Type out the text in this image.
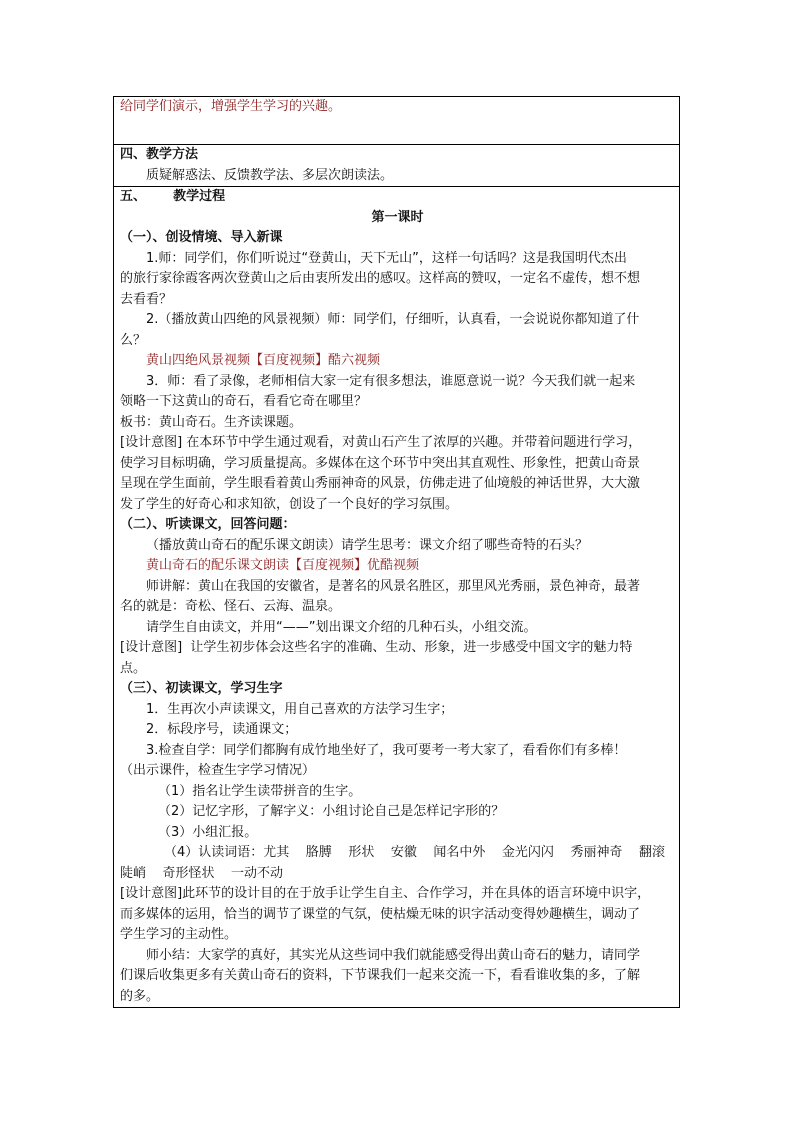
给同学们演示，增强学生学习的兴趣。
四、教学方法
质疑解惑法、反馈教学法、多层次朗读法。
五、      教学过程
第一课时
（一）、创设情境、导入新课
1.师：同学们，你们听说过“登黄山，天下无山”，这样一句话吗？这是我国明代杰出
的旅行家徐霞客两次登黄山之后由衷所发出的感叹。这样高的赞叹，一定名不虚传，想不想
去看看？
2.（播放黄山四绝的风景视频）师：同学们，仔细听，认真看，一会说说你都知道了什
么？
黄山四绝风景视频【百度视频】酷六视频
3．师：看了录像，老师相信大家一定有很多想法，谁愿意说一说？今天我们就一起来
领略一下这黄山的奇石，看看它奇在哪里？
板书：黄山奇石。生齐读课题。
[设计意图] 在本环节中学生通过观看，对黄山石产生了浓厚的兴趣。并带着问题进行学习，
使学习目标明确，学习质量提高。多媒体在这个环节中突出其直观性、形象性，把黄山奇景
呈现在学生面前，学生眼看着黄山秀丽神奇的风景，仿佛走进了仙境般的神话世界，大大激
发了学生的好奇心和求知欲，创设了一个良好的学习氛围。
（二）、听读课文，回答问题：
（播放黄山奇石的配乐课文朗读）请学生思考：课文介绍了哪些奇特的石头？
黄山奇石的配乐课文朗读【百度视频】优酷视频
师讲解：黄山在我国的安徽省，是著名的风景名胜区，那里风光秀丽，景色神奇，最著
名的就是：奇松、怪石、云海、温泉。
请学生自由读文，并用“——”划出课文介绍的几种石头，小组交流。
[设计意图]  让学生初步体会这些名字的准确、生动、形象，进一步感受中国文字的魅力特
点。
（三）、初读课文，学习生字
1．生再次小声读课文，用自己喜欢的方法学习生字；
2．标段序号，读通课文；
3.检查自学：同学们都胸有成竹地坐好了，我可要考一考大家了，看看你们有多棒！
（出示课件，检查生字学习情况）
（1）指名让学生读带拼音的生字。
（2）记忆字形，了解字义：小组讨论自己是怎样记字形的？
（3）小组汇报。
（4）认读词语：尤其    胳膊    形状    安徽    闻名中外    金光闪闪    秀丽神奇    翻滚
陡峭    奇形怪状    一动不动
[设计意图]此环节的设计目的在于放手让学生自主、合作学习，并在具体的语言环境中识字，
而多媒体的运用，恰当的调节了课堂的气氛，使枯燥无味的识字活动变得妙趣横生，调动了
学生学习的主动性。
师小结：大家学的真好，其实光从这些词中我们就能感受得出黄山奇石的魅力，请同学
们课后收集更多有关黄山奇石的资料，下节课我们一起来交流一下，看看谁收集的多，了解
的多。
